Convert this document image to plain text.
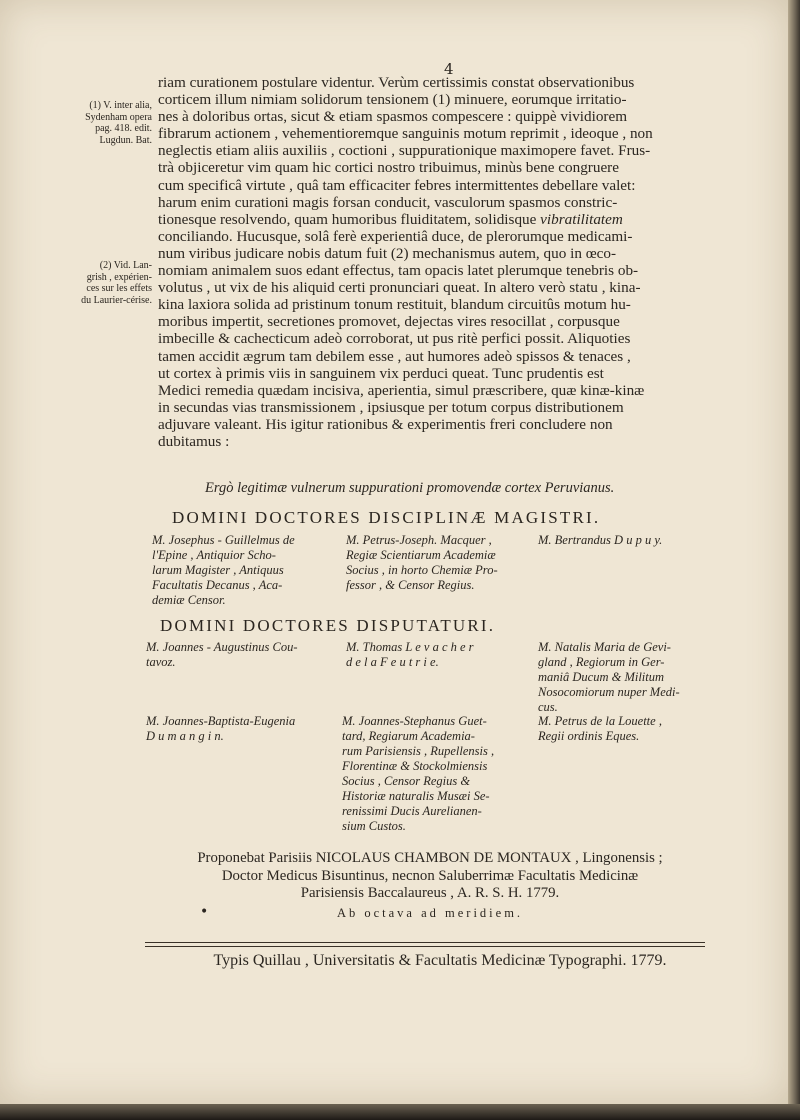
4
(1) V. inter alia,
Sydenham opera
pag. 418. edit.
Lugdun. Bat.
(2) Vid. Lan-
grish , expérien-
ces sur les effets
du Laurier-cérise.
riam curationem postulare videntur. Verùm certissimis constat observationibus
corticem illum nimiam solidorum tensionem (1) minuere, eorumque irritatio-
nes à doloribus ortas, sicut & etiam spasmos compescere : quippè vividiorem
fibrarum actionem , vehementioremque sanguinis motum reprimit , ideoque , non
neglectis etiam aliis auxiliis , coctioni , suppurationique maximopere favet. Frus-
trà objiceretur vim quam hic cortici nostro tribuimus, minùs bene congruere
cum specificâ virtute , quâ tam efficaciter febres intermittentes debellare valet:
harum enim curationi magis forsan conducit, vasculorum spasmos constric-
tionesque resolvendo, quam humoribus fluiditatem, solidisque vibratilitatem
conciliando. Hucusque, solâ ferè experientiâ duce, de plerorumque medicami-
num viribus judicare nobis datum fuit (2) mechanismus autem, quo in œco-
nomiam animalem suos edant effectus, tam opacis latet plerumque tenebris ob-
volutus , ut vix de his aliquid certi pronunciari queat. In altero verò statu , kina-
kina laxiora solida ad pristinum tonum restituit, blandum circuitûs motum hu-
moribus impertit, secretiones promovet, dejectas vires resocillat , corpusque
imbecille & cachecticum adeò corroborat, ut pus ritè perfici possit. Aliquoties
tamen accidit ægrum tam debilem esse , aut humores adeò spissos & tenaces ,
ut cortex à primis viis in sanguinem vix perduci queat. Tunc prudentis est
Medici remedia quædam incisiva, aperientia, simul præscribere, quæ kinæ-kinæ
in secundas vias transmissionem , ipsiusque per totum corpus distributionem
adjuvare valeant. His igitur rationibus & experimentis freri concludere non
dubitamus :
Ergò legitimæ vulnerum suppurationi promovendæ cortex Peruvianus.
DOMINI DOCTORES DISCIPLINÆ MAGISTRI.
M. Josephus - Guillelmus de
l'Epine , Antiquior Scho-
larum Magister , Antiquus
Facultatis Decanus , Aca-
demiæ Censor.
M. Petrus-Joseph. Macquer ,
Regiæ Scientiarum Academiæ
Socius , in horto Chemiæ Pro-
fessor , & Censor Regius.
M. Bertrandus D u p u y.
DOMINI DOCTORES DISPUTATURI.
M. Joannes - Augustinus Cou-
tavoz.
M. Thomas L e v a c h e r
d e l a F e u t r i e.
M. Natalis Maria de Gevi-
gland , Regiorum in Ger-
maniâ Ducum & Militum
Nosocomiorum nuper Medi-
cus.
M. Joannes-Baptista-Eugenia
D u m a n g i n.
M. Joannes-Stephanus Guet-
tard, Regiarum Academia-
rum Parisiensis , Rupellensis ,
Florentinæ & Stockolmiensis
Socius , Censor Regius &
Historiæ naturalis Musæi Se-
renissimi Ducis Aurelianen-
sium Custos.
M. Petrus de la Louette ,
Regii ordinis Eques.
Proponebat Parisiis NICOLAUS CHAMBON DE MONTAUX , Lingonensis ;
Doctor Medicus Bisuntinus, necnon Saluberrimæ Facultatis Medicinæ
Parisiensis Baccalaureus , A. R. S. H. 1779.
•	Ab octava ad meridiem.
Typis Quillau , Universitatis & Facultatis Medicinæ Typographi. 1779.
